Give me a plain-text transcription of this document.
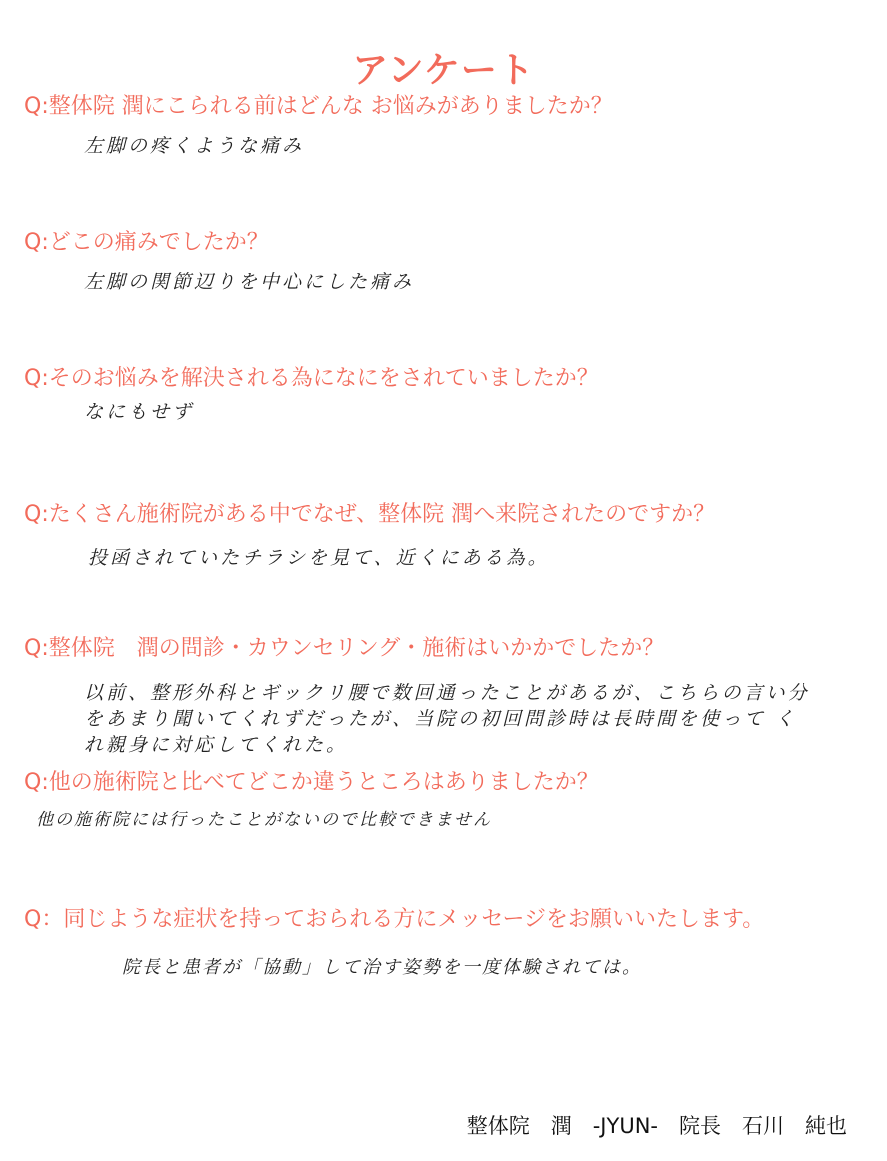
アンケート
Q:整体院 潤にこられる前はどんな お悩みがありましたか？
左脚の疼くような痛み
Q:どこの痛みでしたか？
左脚の関節辺りを中心にした痛み
Q:そのお悩みを解決される為になにをされていましたか？
なにもせず
Q:たくさん施術院がある中でなぜ、整体院 潤へ来院されたのですか？
投函されていたチラシを見て、近くにある為。
Q:整体院　潤の問診・カウンセリング・施術はいかかでしたか？
以前、整形外科とギックリ腰で数回通ったことがあるが、こちらの言い分をあまり聞いてくれずだったが、当院の初回問診時は長時間を使って くれ親身に対応してくれた。
Q:他の施術院と比べてどこか違うところはありましたか？
他の施術院には行ったことがないので比較できません
Q：同じような症状を持っておられる方にメッセージをお願いいたします。
院長と患者が「協動」して治す姿勢を一度体験されては。
整体院　潤　-JYUN-　院長　石川　純也
